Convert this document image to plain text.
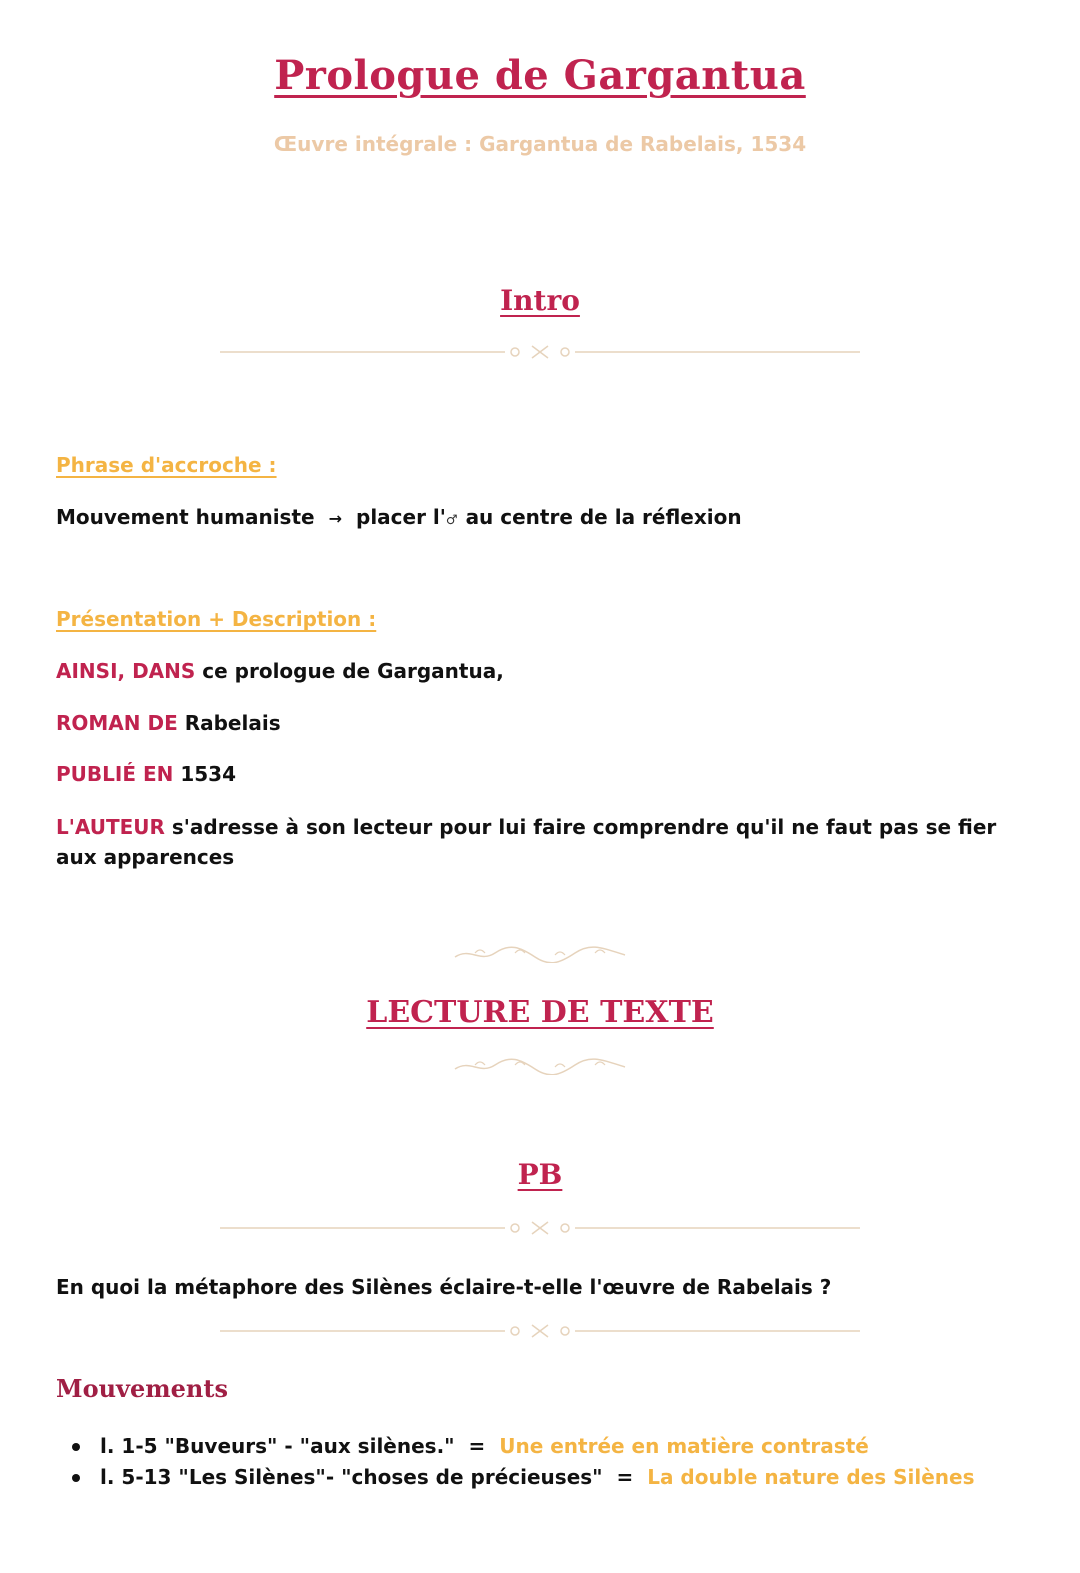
Prologue de Gargantua
Œuvre intégrale : Gargantua de Rabelais, 1534
Intro
Phrase d'accroche :
Mouvement humaniste → placer l'♂ au centre de la réflexion
Présentation + Description :
AINSI, DANS ce prologue de Gargantua,
ROMAN DE Rabelais
PUBLIÉ EN 1534
L'AUTEUR s'adresse à son lecteur pour lui faire comprendre qu'il ne faut pas se fier aux apparences
LECTURE DE TEXTE
PB
En quoi la métaphore des Silènes éclaire-t-elle l'œuvre de Rabelais ?
Mouvements
l. 1-5 "Buveurs" - "aux silènes." = Une entrée en matière contrasté
l. 5-13 "Les Silènes"- "choses de précieuses" = La double nature des Silènes
